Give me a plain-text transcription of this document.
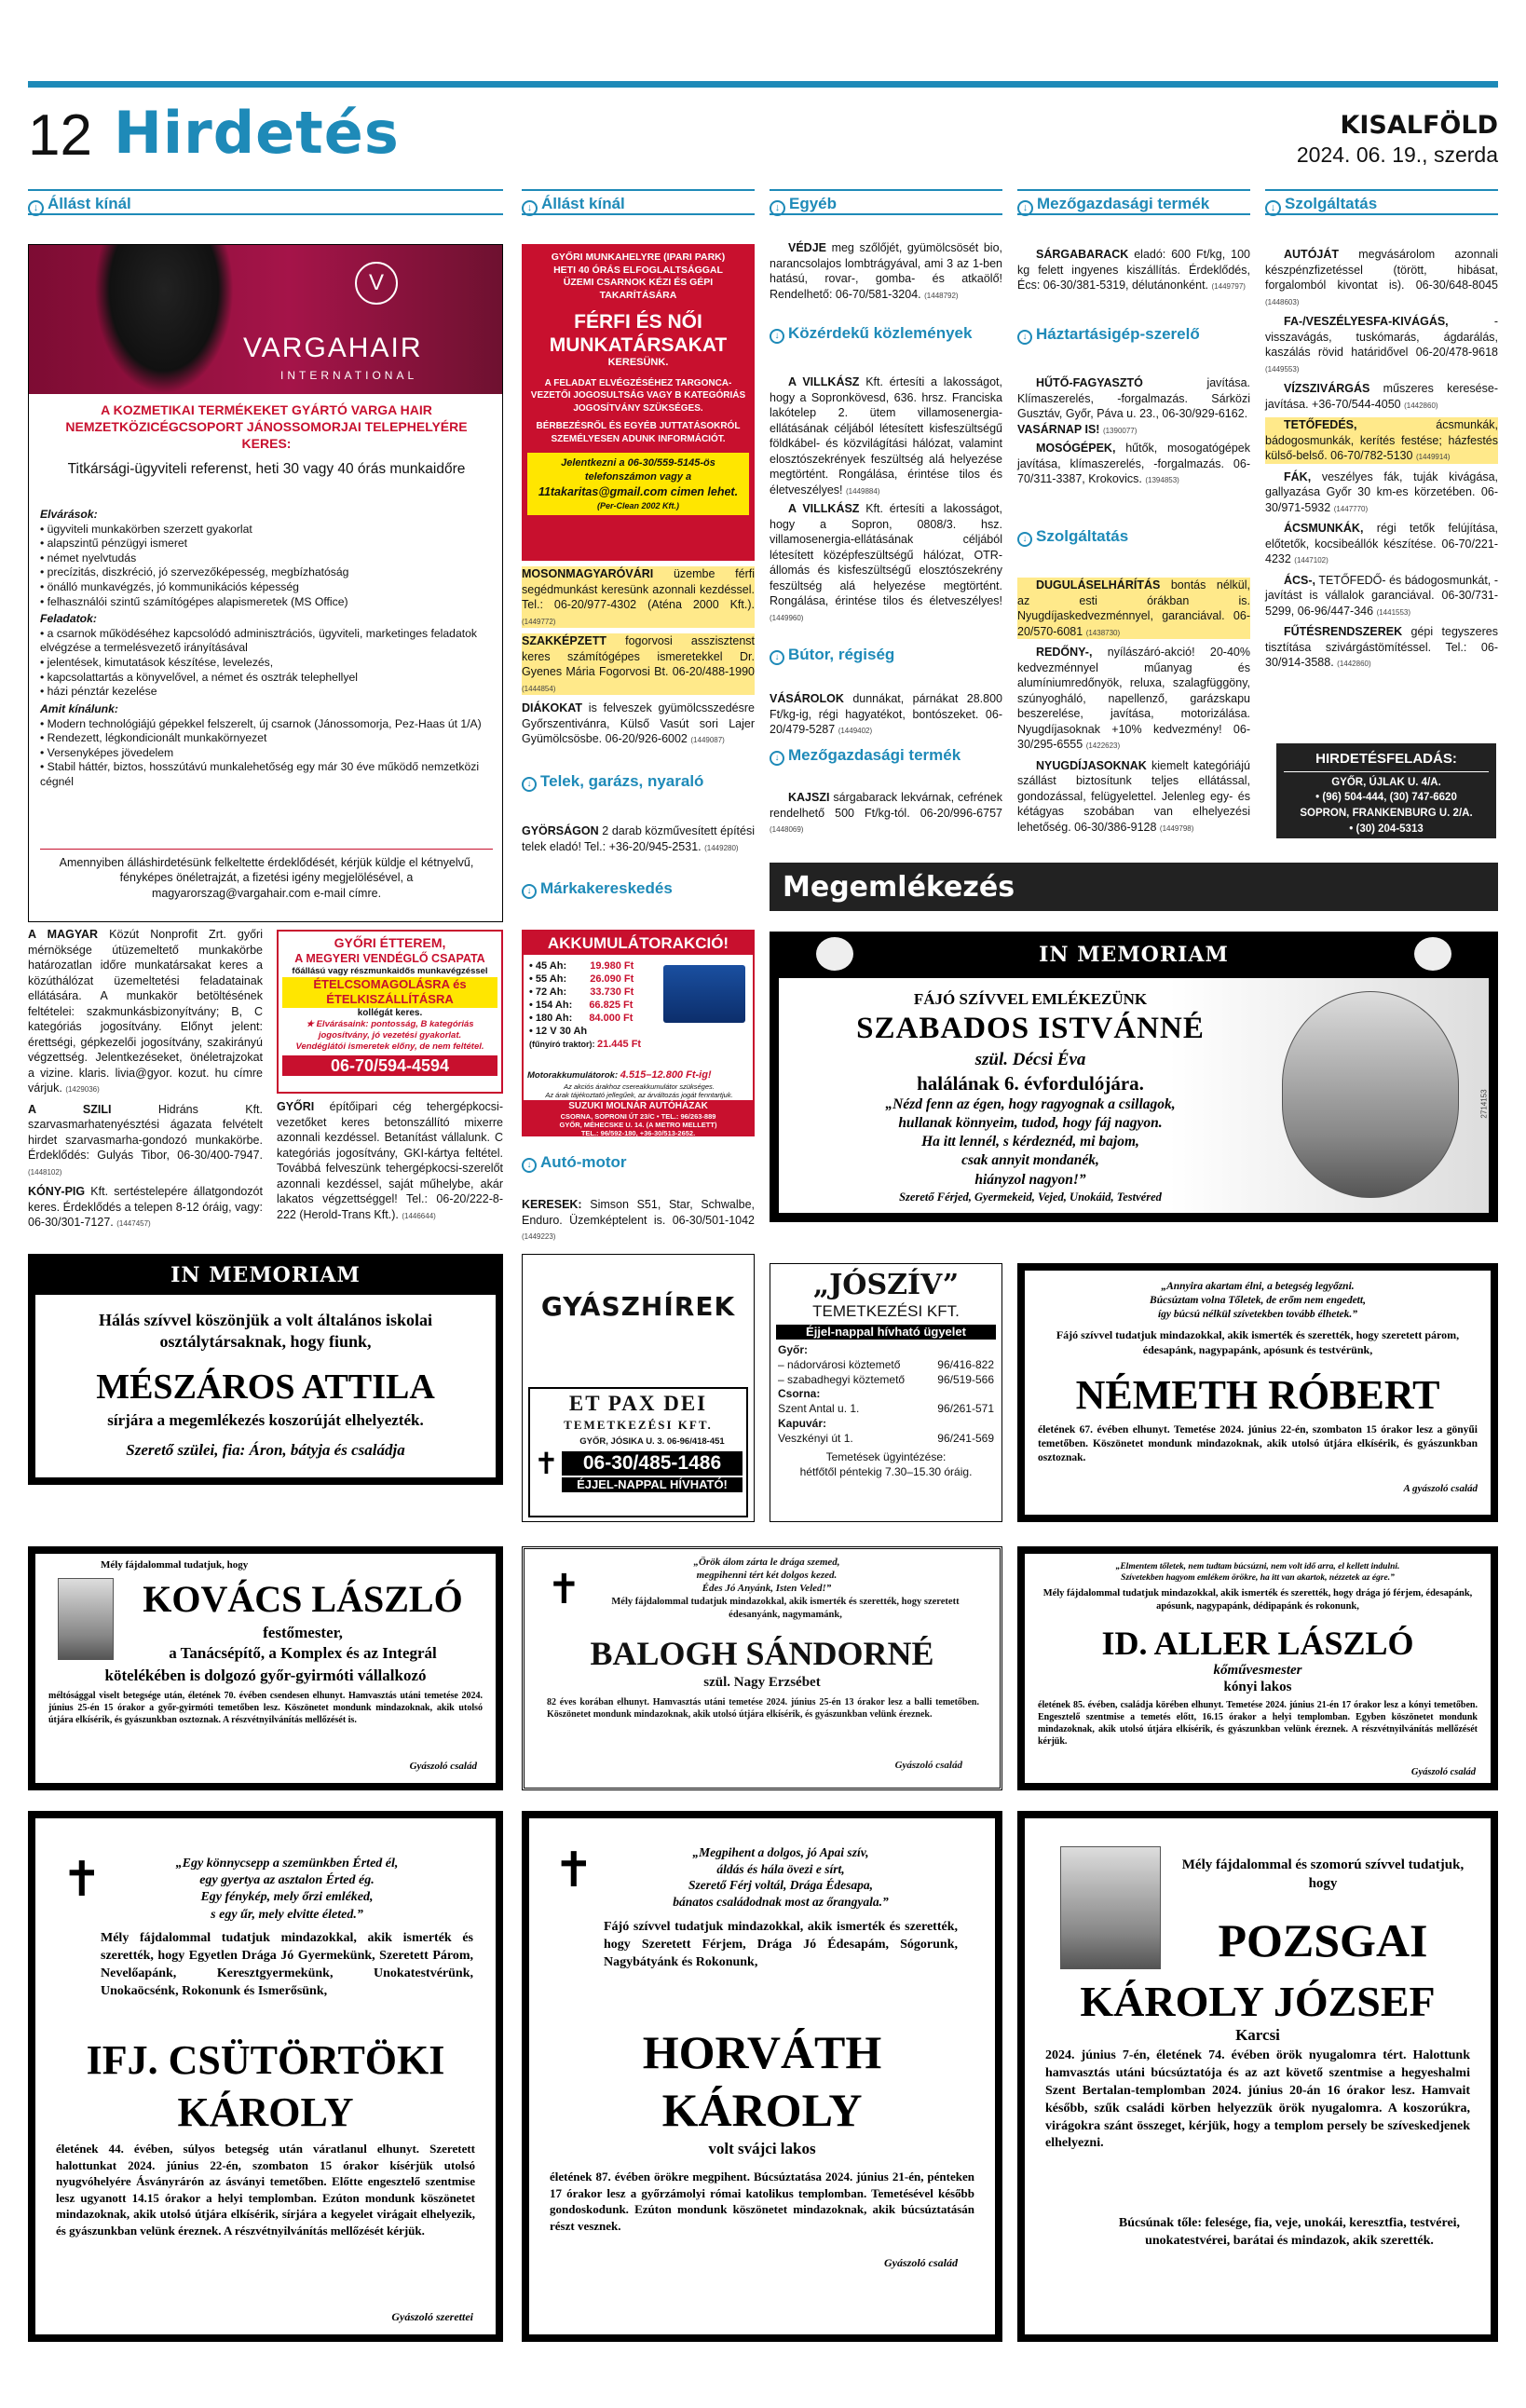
12 Hirdetés	KISALFÖLD
2024. 06. 19., szerda
↓ Állást kínál	↓ Állást kínál	↓ Egyéb	↓ Mezőgazdasági termék	↓ Szolgáltatás
V
VARGAHAIR
INTERNATIONAL
A KOZMETIKAI TERMÉKEKET GYÁRTÓ VARGA HAIR NEMZETKÖZICÉGCSOPORT JÁNOSSOMORJAI TELEPHELYÉRE KERES:
Titkársági-ügyviteli referenst, heti 30 vagy 40 órás munkaidőre
Elvárások:
• ügyviteli munkakörben szerzett gyakorlat
• alapszintű pénzügyi ismeret
• német nyelvtudás
• precízitás, diszkréció, jó szervezőképesség, megbízhatóság
• önálló munkavégzés, jó kommunikációs képesség
• felhasználói szintű számítógépes alapismeretek (MS Office)
Feladatok:
• a csarnok működéséhez kapcsolódó adminisztrációs, ügyviteli, marketinges feladatok elvégzése a termelésvezető irányításával
• jelentések, kimutatások készítése, levelezés,
• kapcsolattartás a könyvelővel, a német és osztrák telephellyel
• házi pénztár kezelése
Amit kínálunk:
• Modern technológiájú gépekkel felszerelt, új csarnok (Jánossomorja, Pez-Haas út 1/A)
• Rendezett, légkondicionált munkakörnyezet
• Versenyképes jövedelem
• Stabil háttér, biztos, hosszútávú munkalehetőség egy már 30 éve működő nemzetközi cégnél
Amennyiben álláshirdetésünk felkeltette érdeklődését, kérjük küldje el kétnyelvű, fényképes önéletrajzát, a fizetési igény megjelölésével, a magyarorszag@vargahair.com e-mail címre.

A MAGYAR Közút Nonprofit Zrt. győri mérnöksége útüzemeltető munkakörbe határozatlan időre munkatársakat keres a közúthálózat üzemeltetési feladatainak ellátására. A munkakör betöltésének feltételei: szakmunkásbizonyítvány; B, C kategóriás jogosítvány. Előnyt jelent: érettségi, gépkezelői jogosítvány, szakirányú végzettség. Jelentkezéseket, önéletrajzokat a vizine. klaris. livia@gyor. kozut. hu címre várjuk. (1429036)

A SZILI Hidráns Kft. szarvasmarhatenyésztési ágazata felvételt hirdet szarvasmarha-gondozó munkakörbe. Érdeklődés: Gulyás Tibor, 06-30/400-7947. (1448102)

KÓNY-PIG Kft. sertéstelepére állatgondozót keres. Érdeklődés a telepen 8-12 óráig, vagy: 06-30/301-7127. (1447457)

GYŐRI ÉTTEREM,
A MEGYERI VENDÉGLŐ CSAPATA
főállású vagy részmunkaidős munkavégzéssel
ÉTELCSOMAGOLÁSRA és ÉTELKISZÁLLÍTÁSRA
kollégát keres.
★ Elvárásaink: pontosság, B kategóriás jogosítvány, jó vezetési gyakorlat.
Vendéglátói ismeretek előny, de nem feltétel.
06-70/594-4594
GYŐRI MUNKAHELYRE (IPARI PARK)
HETI 40 ÓRÁS ELFOGLALTSÁGGAL
ÜZEMI CSARNOK KÉZI ÉS GÉPI TAKARÍTÁSÁRA
FÉRFI ÉS NŐI MUNKATÁRSAKAT
KERESÜNK.
A FELADAT ELVÉGZÉSÉHEZ TARGONCA-VEZETŐI JOGOSULTSÁG VAGY B KATEGÓRIÁS JOGOSÍTVÁNY SZÜKSÉGES.
BÉRBEZÉSRŐL ÉS EGYÉB JUTTATÁSOKRÓL SZEMÉLYESEN ADUNK INFORMÁCIÓT.
Jelentkezni a 06-30/559-5145-ös
telefonszámon vagy a
11takaritas@gmail.com cimen lehet.
(Per-Clean 2002 Kft.)

MOSONMAGYARÓVÁRI üzembe férfi segédmunkást keresünk azonnali kezdéssel. Tel.: 06-20/977-4302 (Aténa 2000 Kft.). (1449772)

SZAKKÉPZETT fogorvosi asszisztenst keres számítógépes ismeretekkel Dr. Gyenes Mária Fogorvosi Bt. 06-20/488-1990 (1444854)

DIÁKOKAT is felveszek gyümölcsszedésre Győrszentivánra, Külső Vasút sori Lajer Gyümölcsösbe. 06-20/926-6002 (1449087)

↓ Telek, garázs, nyaraló
GYÖRSÁGON 2 darab közművesített építési telek eladó! Tel.: +36-20/945-2531. (1449280)
↓ Márkakereskedés
GYŐRI építőipari cég tehergépkocsi-vezetőket keres betonszállító mixerre azonnali kezdéssel. Betanítást vállalunk. C kategóriás jogosítvány, GKI-kártya feltétel. Továbbá felveszünk tehergépkocsi-szerelőt azonnali kezdéssel, saját műhelybe, akár lakatos végzettséggel! Tel.: 06-20/222-8-222 (Herold-Trans Kft.). (1446644)
AKKUMULÁTORAKCIÓ!
• 45 Ah: 19.980 Ft
• 55 Ah: 26.090 Ft
• 72 Ah: 33.730 Ft
• 154 Ah: 66.825 Ft
• 180 Ah: 84.000 Ft
• 12 V 30 Ah
(fűnyíró traktor): 21.445 Ft
Motorakkumulátorok: 4.515–12.800 Ft-ig!
Az akciós árakhoz csereakkumulátor szükséges.
Az árak tájékoztató jellegűek, az árváltozás jogát fenntartjuk.
SUZUKI MOLNÁR AUTÓHÁZAK
CSORNA, SOPRONI ÚT 23/C • TEL.: 96/263-889
GYŐR, MÉHECSKE U. 14. (A METRO MELLETT)
TEL.: 96/592-180, +36-30/513-2652.
↓ Autó-motor
KERESEK: Simson S51, Star, Schwalbe, Enduro. Üzemképtelent is. 06-30/501-1042 (1449223)
VÉDJE meg szőlőjét, gyümölcsösét bio, narancsolajos lombtrágyával, ami 3 az 1-ben hatású, rovar-, gomba- és atkaölő! Rendelhető: 06-70/581-3204. (1448792)
↓ Közérdekű közlemények

A VILLKÁSZ Kft. értesíti a lakosságot, hogy a Sopronkövesd, 636. hrsz. Franciska lakótelep 2. ütem villamosenergia-ellátásának céljából létesített kisfeszültségű földkábel- és közvilágítási hálózat, valamint elosztószekrények feszültség alá helyezése megtörtént. Rongálása, érintése tilos és életveszélyes! (1449884)

A VILLKÁSZ Kft. értesíti a lakosságot, hogy a Sopron, 0808/3. hsz. villamosenergia-ellátásának céljából létesített középfeszültségű hálózat, OTR-állomás és kisfeszültségű elosztószekrény feszültség alá helyezése megtörtént. Rongálása, érintése tilos és életveszélyes! (1449960)

↓ Bútor, régiség
VÁSÁROLOK dunnákat, párnákat 28.800 Ft/kg-ig, régi hagyatékot, bontószeket. 06-20/479-5287 (1449402)
↓ Mezőgazdasági termék
KAJSZI sárgabarack lekvárnak, cefrének rendelhető 500 Ft/kg-tól. 06-20/996-6757 (1448069)
SÁRGABARACK eladó: 600 Ft/kg, 100 kg felett ingyenes kiszállítás. Érdeklődés, Écs: 06-30/381-5319, délutánonként. (1449797)
↓ Háztartásigép-szerelő

HŰTŐ-FAGYASZTÓ javítása. Klímaszerelés, -forgalmazás. Sárközi Gusztáv, Győr, Páva u. 23., 06-30/929-6162.

VASÁRNAP IS! (1390077)

MOSÓGÉPEK, hűtők, mosogatógépek javítása, klímaszerelés, -forgalmazás. 06-70/311-3387, Krokovics. (1394853)

↓ Szolgáltatás

DUGULÁSELHÁRÍTÁS bontás nélkül, az esti órákban is. Nyugdíjaskedvezménnyel, garanciával. 06-20/570-6081 (1438730)

REDŐNY-, nyílászáró-akció! 20-40% kedvezménnyel műanyag és alumíniumredőnyök, reluxa, szalagfüggöny, szúnyogháló, napellenző, garázskapu beszerelése, javítása, motorizálása. Nyugdíjasoknak +10% kedvezmény! 06-30/295-6555 (1422623)

NYUGDÍJASOKNAK kiemelt kategóriájú szállást biztosítunk teljes ellátással, gondozással, felügyelettel. Jelenleg egy- és kétágyas szobában van elhelyezési lehetőség. 06-30/386-9128 (1449798)

AUTÓJÁT megvásárolom azonnali készpénzfizetéssel (törött, hibásat, forgalomból kivontat is). 06-30/648-8045 (1448603)

FA-/VESZÉLYESFA-KIVÁGÁS, -visszavágás, tuskómarás, ágdarálás, kaszálás rövid határidővel 06-20/478-9618 (1449553)

VÍZSZIVÁRGÁS műszeres keresése-javítása. +36-70/544-4050 (1442860)

TETŐFEDÉS, ácsmunkák, bádogosmunkák, kerítés festése; házfestés külső-belső. 06-70/782-5130 (1449914)

FÁK, veszélyes fák, tuják kivágása, gallyazása Győr 30 km-es körzetében. 06-30/971-5932 (1447770)

ÁCSMUNKÁK, régi tetők felújítása, előtetők, kocsibeállók készítése. 06-70/221-4232 (1447102)

ÁCS-, TETŐFEDŐ- és bádogosmunkát, -javítást is vállalok garanciával. 06-30/731-5299, 06-96/447-346 (1441553)

FŰTÉSRENDSZEREK gépi tegyszeres tisztítása szivárgástömítéssel. Tel.: 06-30/914-3588. (1442860)

HIRDETÉSFELADÁS:
GYŐR, ÚJLAK U. 4/A.
• (96) 504-444, (30) 747-6620
SOPRON, FRANKENBURG U. 2/A.
• (30) 204-5313
Megemlékezés
IN MEMORIAM
FÁJÓ SZÍVVEL EMLÉKEZÜNK
SZABADOS ISTVÁNNÉ
szül. Décsi Éva
halálának 6. évfordulójára.
„Nézd fenn az égen, hogy ragyognak a csillagok,
hullanak könnyeim, tudod, hogy fáj nagyon.
Ha itt lennél, s kérdeznéd, mi bajom,
csak annyit mondanék,
hiányzol nagyon!”
Szerető Férjed, Gyermekeid, Vejed, Unokáid, Testvéred
2714153
IN MEMORIAM
Hálás szívvel köszönjük a volt általános iskolai osztálytársaknak, hogy fiunk,
MÉSZÁROS ATTILA
sírjára a megemlékezés koszorúját elhelyezték.
Szerető szülei, fia: Áron, bátyja és családja
GYÁSZHÍREK
ET PAX DEI
TEMETKEZÉSI KFT.
GYŐR, JÓSIKA U. 3. 06-96/418-451
✝	06-30/485-1486
ÉJJEL-NAPPAL HÍVHATÓ!
„JÓSZÍV”
TEMETKEZÉSI KFT.
Éjjel-nappal hívható ügyelet
Győr:
– nádorvárosi köztemető	96/416-822
– szabadhegyi köztemető	96/519-566
Csorna:
Szent Antal u. 1.	96/261-571
Kapuvár:
Veszkényi út 1.	96/241-569
Temetések ügyintézése:
hétfőtől péntekig 7.30–15.30 óráig.
„Annyira akartam élni, a betegség legyőzni.
Búcsúztam volna Tőletek, de erőm nem engedett,
így búcsú nélkül szívetekben tovább élhetek.”
Fájó szívvel tudatjuk mindazokkal, akik ismerték és szerették, hogy szeretett párom, édesapánk, nagypapánk, apósunk és testvérünk,
NÉMETH RÓBERT
életének 67. évében elhunyt. Temetése 2024. június 22-én, szombaton 15 órakor lesz a gönyűi temetőben. Köszönetet mondunk mindazoknak, akik utolsó útjára elkísérik, és gyászunkban osztoznak.
A gyászoló család
Mély fájdalommal tudatjuk, hogy
KOVÁCS LÁSZLÓ
festőmester,
a Tanácsépítő, a Komplex és az Integrál
kötelékében is dolgozó győr-gyirmóti vállalkozó
méltósággal viselt betegsége után, életének 70. évében csendesen elhunyt. Hamvasztás utáni temetése 2024. június 25-én 15 órakor a győr-gyirmóti temetőben lesz. Köszönetet mondunk mindazoknak, akik utolsó útjára elkísérik, és gyászunkban osztoznak. A részvétnyilvánítás mellőzését is.
Gyászoló család
✝
„Örök álom zárta le drága szemed,
megpihenni tért két dolgos kezed.
Édes Jó Anyánk, Isten Veled!”
Mély fájdalommal tudatjuk mindazokkal, akik ismerték és szerették, hogy szeretett édesanyánk, nagymamánk,
BALOGH SÁNDORNÉ
szül. Nagy Erzsébet
82 éves korában elhunyt. Hamvasztás utáni temetése 2024. június 25-én 13 órakor lesz a balli temetőben. Köszönetet mondunk mindazoknak, akik utolsó útjára elkísérik, és gyászunkban velünk éreznek.
Gyászoló család
„Elmentem tőletek, nem tudtam búcsúzni, nem volt idő arra, el kellett indulni.
Szívetekben hagyom emlékem örökre, ha itt van akartok, nézzetek az égre.”
Mély fájdalommal tudatjuk mindazokkal, akik ismerték és szerették, hogy drága jó férjem, édesapánk, apósunk, nagypapánk, dédipapánk és rokonunk,
ID. ALLER LÁSZLÓ
kőművesmester
kónyi lakos
életének 85. évében, családja körében elhunyt. Temetése 2024. június 21-én 17 órakor lesz a kónyi temetőben. Engesztelő szentmise a temetés előtt, 16.15 órakor a helyi templomban. Egyben köszönetet mondunk mindazoknak, akik utolsó útjára elkísérik, és gyászunkban velünk éreznek. A részvétnyilvánítás mellőzését kérjük.
Gyászoló család
✝	„Egy könnycsepp a szemünkben Érted él,
egy gyertya az asztalon Érted ég.
Egy fénykép, mely őrzi emléked,
s egy űr, mely elvitte életed.”
Mély fájdalommal tudatjuk mindazokkal, akik ismerték és szerették, hogy Egyetlen Drága Jó Gyermekünk, Szeretett Párom, Nevelőapánk, Keresztgyermekünk, Unokatestvérünk, Unokaöcsénk, Rokonunk és Ismerősünk,
IFJ. CSÜTÖRTÖKI
KÁROLY
életének 44. évében, súlyos betegség után váratlanul elhunyt. Szeretett halottunkat 2024. június 22-én, szombaton 15 órakor kísérjük utolsó nyugvóhelyére Ásványrárón az ásványi temetőben. Előtte engesztelő szentmise lesz ugyanott 14.15 órakor a helyi templomban. Ezúton mondunk köszönetet mindazoknak, akik utolsó útjára elkísérik, sírjára a kegyelet virágait elhelyezik, és gyászunkban velünk éreznek. A részvétnyilvánítás mellőzését kérjük.
Gyászoló szerettei
✝	„Megpihent a dolgos, jó Apai szív,
áldás és hála övezi e sírt,
Szerető Férj voltál, Drága Édesapa,
bánatos családodnak most az őrangyala.”
Fájó szívvel tudatjuk mindazokkal, akik ismerték és szerették, hogy Szeretett Férjem, Drága Jó Édesapám, Sógorunk, Nagybátyánk és Rokonunk,
HORVÁTH
KÁROLY
volt svájci lakos
életének 87. évében örökre megpihent. Búcsúztatása 2024. június 21-én, pénteken 17 órakor lesz a győrzámolyi római katolikus templomban. Temetésével később gondoskodunk. Ezúton mondunk köszönetet mindazoknak, akik búcsúztatásán részt vesznek.
Gyászoló család
Mély fájdalommal és szomorú szívvel tudatjuk, hogy
POZSGAI
KÁROLY JÓZSEF
Karcsi
2024. június 7-én, életének 74. évében örök nyugalomra tért. Halottunk hamvasztás utáni búcsúztatója és az azt követő szentmise a hegyeshalmi Szent Bertalan-templomban 2024. június 20-án 16 órakor lesz. Hamvait később, szűk családi körben helyezzük örök nyugalomra. A koszorúkra, virágokra szánt összeget, kérjük, hogy a templom persely be szíveskedjenek elhelyezni.
Búcsúnak tőle: felesége, fia, veje, unokái, keresztfia, testvérei, unokatestvérei, barátai és mindazok, akik szerették.
